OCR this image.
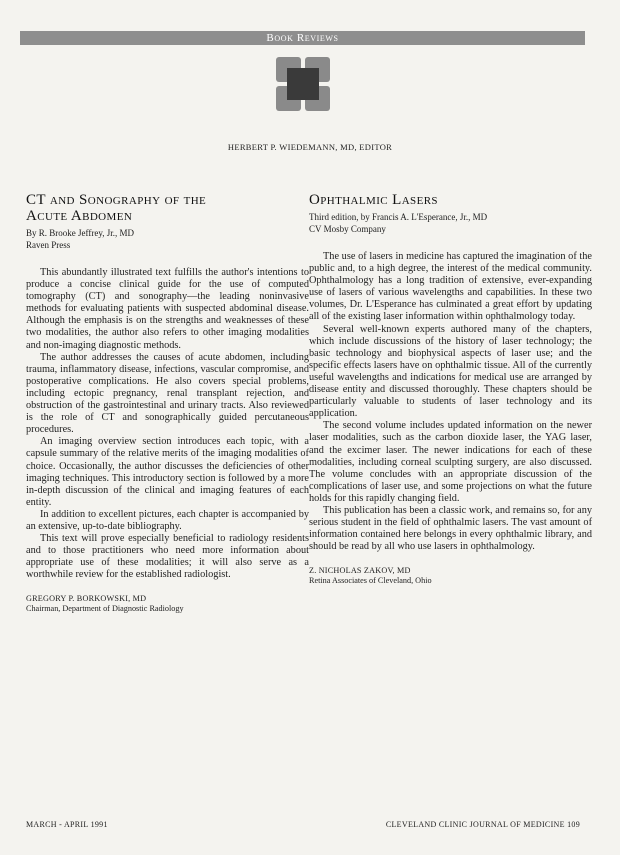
Book Reviews
HERBERT P. WIEDEMANN, MD, EDITOR
CT and Sonography of the
Acute Abdomen
By R. Brooke Jeffrey, Jr., MD
Raven Press

This abundantly illustrated text fulfills the author's intentions to produce a concise clinical guide for the use of computed tomography (CT) and sonography—the leading noninvasive methods for evaluating patients with suspected abdominal disease. Although the emphasis is on the strengths and weaknesses of these two modalities, the author also refers to other imaging modalities and non-imaging diagnostic methods.

The author addresses the causes of acute abdomen, including trauma, inflammatory disease, infections, vascular compromise, and postoperative complications. He also covers special problems, including ectopic pregnancy, renal transplant rejection, and obstruction of the gastrointestinal and urinary tracts. Also reviewed is the role of CT and sonographically guided percutaneous procedures.

An imaging overview section introduces each topic, with a capsule summary of the relative merits of the imaging modalities of choice. Occasionally, the author discusses the deficiencies of other imaging techniques. This introductory section is followed by a more in-depth discussion of the clinical and imaging features of each entity.

In addition to excellent pictures, each chapter is accompanied by an extensive, up-to-date bibliography.

This text will prove especially beneficial to radiology residents and to those practitioners who need more information about appropriate use of these modalities; it will also serve as a worthwhile review for the established radiologist.

GREGORY P. BORKOWSKI, MD
Chairman, Department of Diagnostic Radiology
Ophthalmic Lasers
Third edition, by Francis A. L'Esperance, Jr., MD
CV Mosby Company

The use of lasers in medicine has captured the imagination of the public and, to a high degree, the interest of the medical community. Ophthalmology has a long tradition of extensive, ever-expanding use of lasers of various wavelengths and capabilities. In these two volumes, Dr. L'Esperance has culminated a great effort by updating all of the existing laser information within ophthalmology today.

Several well-known experts authored many of the chapters, which include discussions of the history of laser technology; the basic technology and biophysical aspects of laser use; and the specific effects lasers have on ophthalmic tissue. All of the currently useful wavelengths and indications for medical use are arranged by disease entity and discussed thoroughly. These chapters should be particularly valuable to students of laser technology and its application.

The second volume includes updated information on the newer laser modalities, such as the carbon dioxide laser, the YAG laser, and the excimer laser. The newer indications for each of these modalities, including corneal sculpting surgery, are also discussed. The volume concludes with an appropriate discussion of the complications of laser use, and some projections on what the future holds for this rapidly changing field.

This publication has been a classic work, and remains so, for any serious student in the field of ophthalmic lasers. The vast amount of information contained here belongs in every ophthalmic library, and should be read by all who use lasers in ophthalmology.

Z. NICHOLAS ZAKOV, MD
Retina Associates of Cleveland, Ohio
MARCH - APRIL 1991	CLEVELAND CLINIC JOURNAL OF MEDICINE 109
